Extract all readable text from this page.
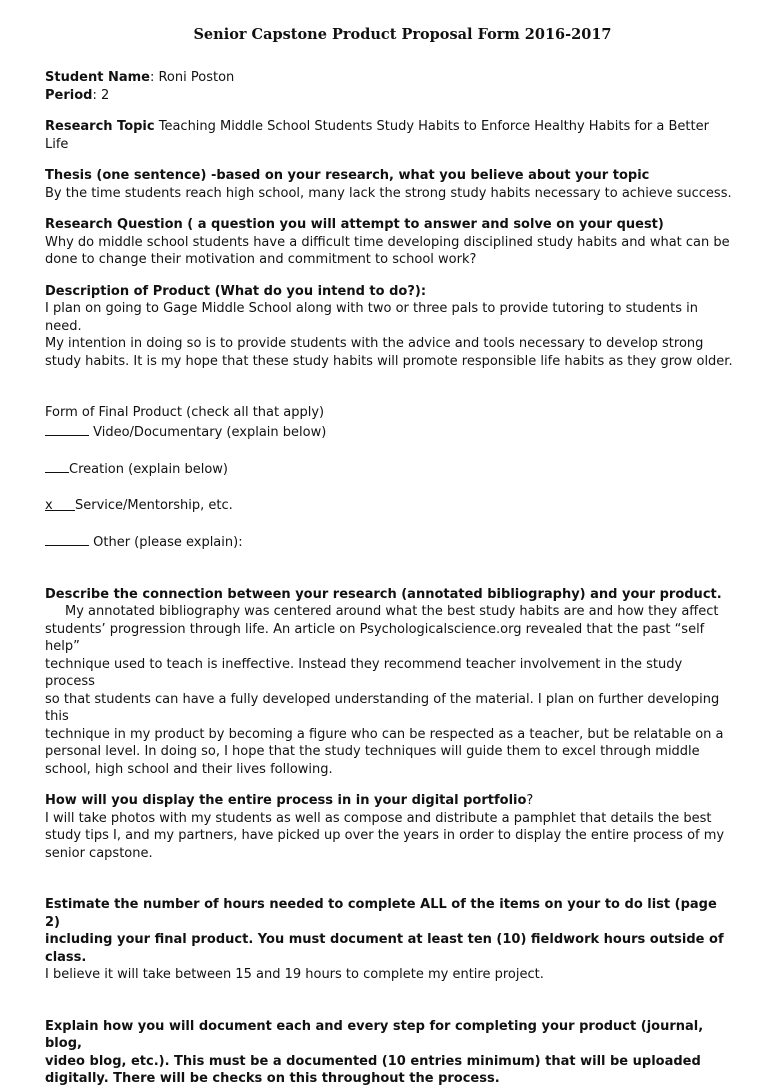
Senior Capstone Product Proposal Form 2016-2017

Student Name: Roni Poston

Period: 2

Research Topic Teaching Middle School Students Study Habits to Enforce Healthy Habits for a Better Life

Thesis (one sentence) -based on your research, what you believe about your topic

By the time students reach high school, many lack the strong study habits necessary to achieve success.

Research Question ( a question you will attempt to answer and solve on your quest)

Why do middle school students have a difficult time developing disciplined study habits and what can be

done to change their motivation and commitment to school work?

Description of Product (What do you intend to do?):

I plan on going to Gage Middle School along with two or three pals to provide tutoring to students in need.

My intention in doing so is to provide students with the advice and tools necessary to develop strong

study habits. It is my hope that these study habits will promote responsible life habits as they grow older.

Form of Final Product (check all that apply)

Video/Documentary (explain below)

Creation (explain below)

x Service/Mentorship, etc.

Other (please explain):

Describe the connection between your research (annotated bibliography) and your product.

My annotated bibliography was centered around what the best study habits are and how they affect

students’ progression through life. An article on Psychologicalscience.org revealed that the past “self help”

technique used to teach is ineffective. Instead they recommend teacher involvement in the study process

so that students can have a fully developed understanding of the material. I plan on further developing this

technique in my product by becoming a figure who can be respected as a teacher, but be relatable on a

personal level. In doing so, I hope that the study techniques will guide them to excel through middle

school, high school and their lives following.

How will you display the entire process in in your digital portfolio?

I will take photos with my students as well as compose and distribute a pamphlet that details the best

study tips I, and my partners, have picked up over the years in order to display the entire process of my

senior capstone.

Estimate the number of hours needed to complete ALL of the items on your to do list (page 2)

including your final product. You must document at least ten (10) fieldwork hours outside of

class.

I believe it will take between 15 and 19 hours to complete my entire project.

Explain how you will document each and every step for completing your product (journal, blog,

video blog, etc.). This must be a documented (10 entries minimum) that will be uploaded

digitally. There will be checks on this throughout the process.
